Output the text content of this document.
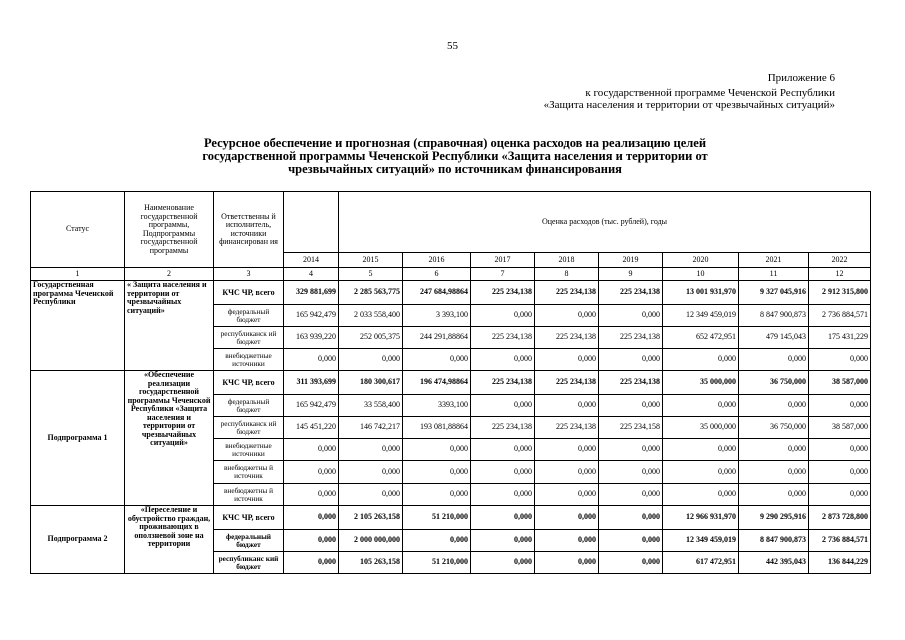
55
Приложение 6
к государственной программе Чеченской Республики
«Защита населения и территории от чрезвычайных ситуаций»
Ресурсное обеспечение и прогнозная (справочная) оценка расходов на реализацию целей
государственной программы Чеченской Республики «Защита населения и территории от
чрезвычайных ситуаций» по источникам финансирования
Статус	Наименование государственной программы, Подпрограммы государственной программы	Ответственны й исполнитель, источники финансирован ия		Оценка расходов (тыс. рублей), годы							
			2014	2015	2016	2017	2018	2019	2020	2021	2022
1	2	3	4	5	6	7	8	9	10	11	12
Государственная программа Чеченской Республики	« Защита населения и территории от чрезвычайных ситуаций»	КЧС ЧР, всего	329 881,699	2 285 563,775	247 684,98864	225 234,138	225 234,138	225 234,138	13 001 931,970	9 327 045,916	2 912 315,800
		федеральный бюджет	165 942,479	2 033 558,400	3 393,100	0,000	0,000	0,000	12 349 459,019	8 847 900,873	2 736 884,571
		республиканск ий бюджет	163 939,220	252 005,375	244 291,88864	225 234,138	225 234,138	225 234,138	652 472,951	479 145,043	175 431,229
		внебюджетные источники	0,000	0,000	0,000	0,000	0,000	0,000	0,000	0,000	0,000
Подпрограмма 1	«Обеспечение реализации государственной программы Чеченской Республики «Защита населения и территории от чрезвычайных ситуаций»	КЧС ЧР, всего	311 393,699	180 300,617	196 474,98864	225 234,138	225 234,138	225 234,138	35 000,000	36 750,000	38 587,000
		федеральный бюджет	165 942,479	33 558,400	3393,100	0,000	0,000	0,000	0,000	0,000	0,000
		республиканск ий бюджет	145 451,220	146 742,217	193 081,88864	225 234,138	225 234,138	225 234,158	35 000,000	36 750,000	38 587,000
		внебюджетные источники	0,000	0,000	0,000	0,000	0,000	0,000	0,000	0,000	0,000
		внебюджетны й источник	0,000	0,000	0,000	0,000	0,000	0,000	0,000	0,000	0,000
		внебюджетны й источник	0,000	0,000	0,000	0,000	0,000	0,000	0,000	0,000	0,000
Подпрограмма 2	«Переселение и обустройство граждан, проживающих в оползневой зоне на территории	КЧС ЧР, всего	0,000	2 105 263,158	51 210,000	0,000	0,000	0,000	12 966 931,970	9 290 295,916	2 873 728,800
		федеральный бюджет	0,000	2 000 000,000	0,000	0,000	0,000	0,000	12 349 459,019	8 847 900,873	2 736 884,571
		республиканс кий бюджет	0,000	105 263,158	51 210,000	0,000	0,000	0,000	617 472,951	442 395,043	136 844,229
